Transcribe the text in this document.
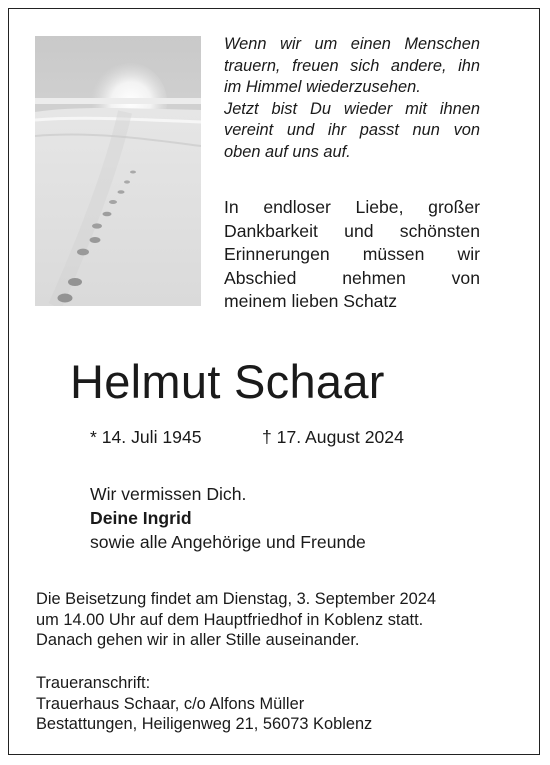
Wenn wir um einen Menschen
trauern, freuen sich andere, ihn
im Himmel wiederzusehen.
Jetzt bist Du wieder mit ihnen
vereint und ihr passt nun von
oben auf uns auf.
In endloser Liebe, großer
Dankbarkeit und schönsten
Erinnerungen müssen wir
Abschied nehmen von
meinem lieben Schatz
Helmut Schaar
* 14. Juli 1945	† 17. August 2024
Wir vermissen Dich.
Deine Ingrid
sowie alle Angehörige und Freunde
Die Beisetzung findet am Dienstag, 3. September 2024
um 14.00 Uhr auf dem Hauptfriedhof in Koblenz statt.
Danach gehen wir in aller Stille auseinander.
Traueranschrift:
Trauerhaus Schaar, c/o Alfons Müller
Bestattungen, Heiligenweg 21, 56073 Koblenz
